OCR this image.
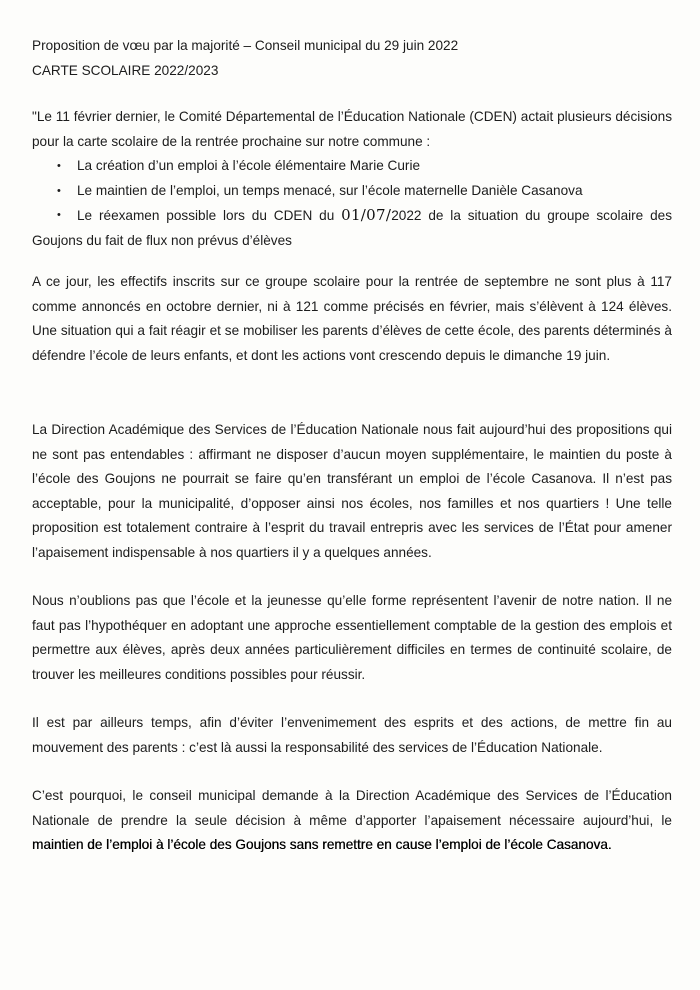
Proposition de vœu par la majorité – Conseil municipal du 29 juin 2022
CARTE SCOLAIRE 2022/2023

"Le 11 février dernier, le Comité Départemental de l’Éducation Nationale (CDEN) actait plusieurs décisions pour la carte scolaire de la rentrée prochaine sur notre commune :

• La création d’un emploi à l’école élémentaire Marie Curie
• Le maintien de l’emploi, un temps menacé, sur l’école maternelle Danièle Casanova
• Le réexamen possible lors du CDEN du 01/07/2022 de la situation du groupe scolaire des Goujons du fait de flux non prévus d’élèves

A ce jour, les effectifs inscrits sur ce groupe scolaire pour la rentrée de septembre ne sont plus à 117 comme annoncés en octobre dernier, ni à 121 comme précisés en février, mais s’élèvent à 124 élèves. Une situation qui a fait réagir et se mobiliser les parents d’élèves de cette école, des parents déterminés à défendre l’école de leurs enfants, et dont les actions vont crescendo depuis le dimanche 19 juin.

La Direction Académique des Services de l’Éducation Nationale nous fait aujourd’hui des propositions qui ne sont pas entendables : affirmant ne disposer d’aucun moyen supplémentaire, le maintien du poste à l’école des Goujons ne pourrait se faire qu’en transférant un emploi de l’école Casanova. Il n’est pas acceptable, pour la municipalité, d’opposer ainsi nos écoles, nos familles et nos quartiers ! Une telle proposition est totalement contraire à l’esprit du travail entrepris avec les services de l’État pour amener l’apaisement indispensable à nos quartiers il y a quelques années.

Nous n’oublions pas que l’école et la jeunesse qu’elle forme représentent l’avenir de notre nation. Il ne faut pas l’hypothéquer en adoptant une approche essentiellement comptable de la gestion des emplois et permettre aux élèves, après deux années particulièrement difficiles en termes de continuité scolaire, de trouver les meilleures conditions possibles pour réussir.

Il est par ailleurs temps, afin d’éviter l’envenimement des esprits et des actions, de mettre fin au mouvement des parents : c’est là aussi la responsabilité des services de l’Éducation Nationale.

C’est pourquoi, le conseil municipal demande à la Direction Académique des Services de l’Éducation Nationale de prendre la seule décision à même d’apporter l’apaisement nécessaire aujourd’hui, le maintien de l’emploi à l’école des Goujons sans remettre en cause l’emploi de l’école Casanova.
